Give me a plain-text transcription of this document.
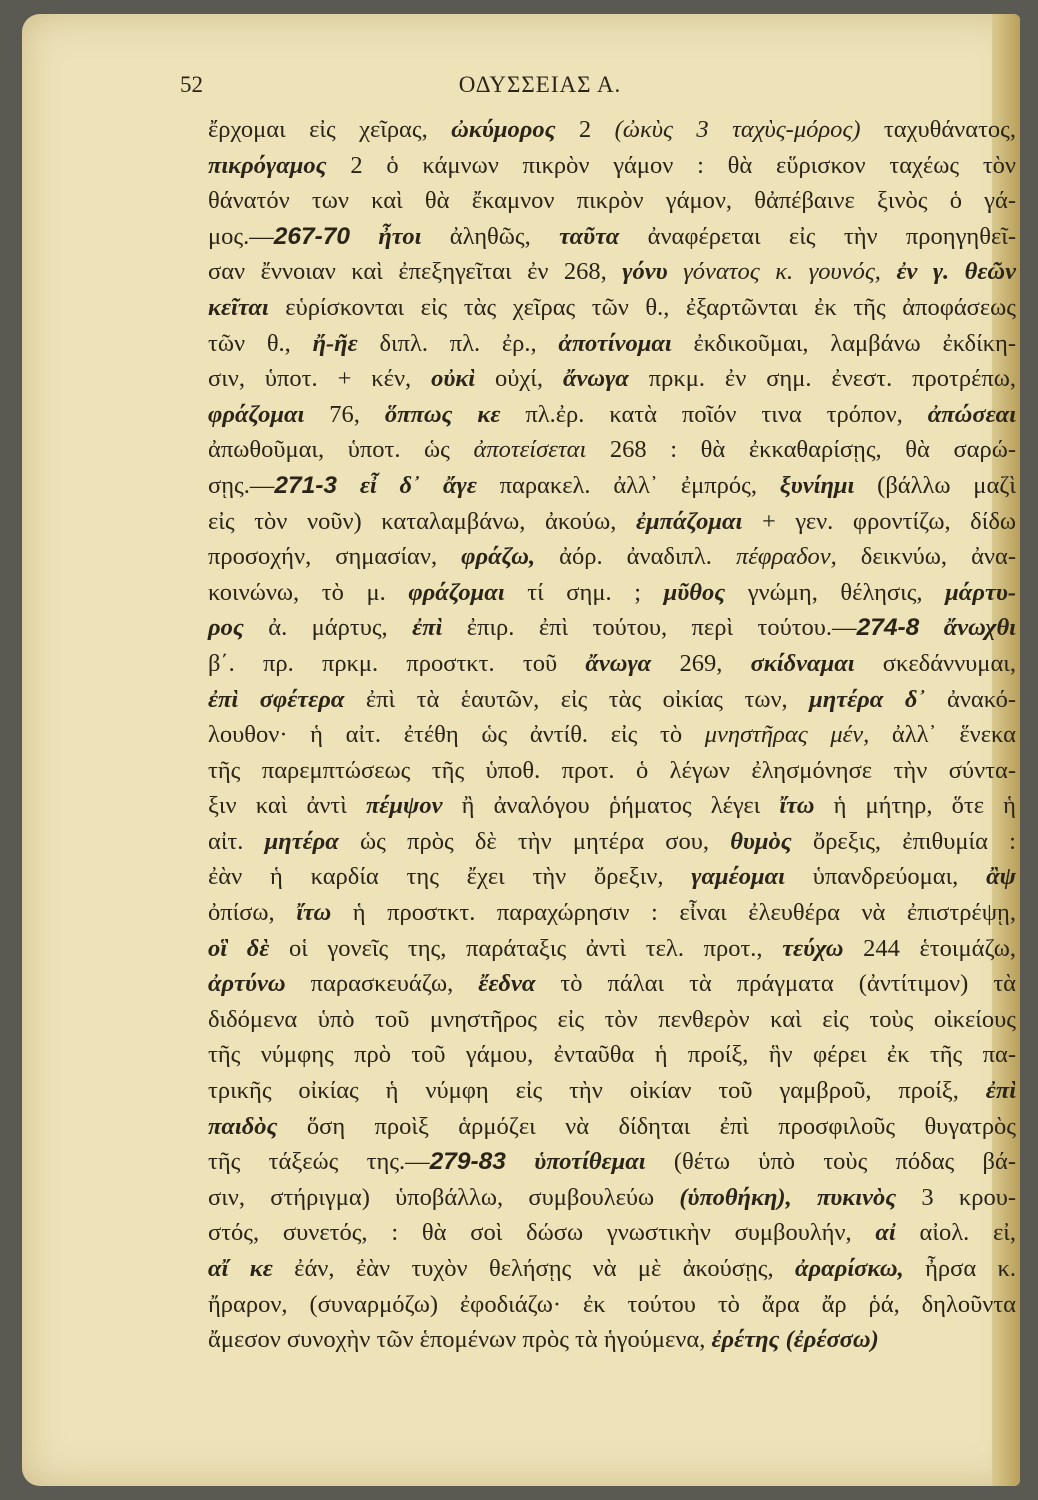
52	ΟΔΥΣΣΕΙΑΣ Α.
ἔρχομαι εἰς χεῖρας, ὠκύμορος 2 (ὠκὺς 3 ταχὺς-μόρος) ταχυθάνατος,
πικρόγαμος 2 ὁ κάμνων πικρὸν γάμον : θὰ εὕρισκον ταχέως τὸν
θάνατόν των καὶ θὰ ἔκαμνον πικρὸν γάμον, θἀπέβαινε ξινὸς ὁ γά-
μος.—267-70 ἦτοι ἀληθῶς, ταῦτα ἀναφέρεται εἰς τὴν προηγηθεῖ-
σαν ἔννοιαν καὶ ἐπεξηγεῖται ἐν 268, γόνυ γόνατος κ. γουνός, ἐν γ. θεῶν
κεῖται εὑρίσκονται εἰς τὰς χεῖρας τῶν θ., ἐξαρτῶνται ἐκ τῆς ἀποφάσεως
τῶν θ., ἤ-ῆε διπλ. πλ. ἐρ., ἀποτίνομαι ἐκδικοῦμαι, λαμβάνω ἐκδίκη-
σιν, ὑποτ. + κέν, οὐκὶ οὐχί, ἄνωγα πρκμ. ἐν σημ. ἐνεστ. προτρέπω,
φράζομαι 76, ὅππως κε πλ.ἐρ. κατὰ ποῖόν τινα τρόπον, ἀπώσεαι
ἀπωθοῦμαι, ὑποτ. ὡς ἀποτείσεται 268 : θὰ ἐκκαθαρίσῃς, θὰ σαρώ-
σῃς.—271-3 εἶ δ᾽ ἄγε παρακελ. ἀλλ᾽ ἐμπρός, ξυνίημι (βάλλω μαζὶ
εἰς τὸν νοῦν) καταλαμβάνω, ἀκούω, ἐμπάζομαι + γεν. φροντίζω, δίδω
προσοχήν, σημασίαν, φράζω, ἀόρ. ἀναδιπλ. πέφραδον, δεικνύω, ἀνα-
κοινώνω, τὸ μ. φράζομαι τί σημ. ; μῦθος γνώμη, θέλησις, μάρτυ-
ρος ἀ. μάρτυς, ἐπὶ ἐπιρ. ἐπὶ τούτου, περὶ τούτου.—274-8 ἄνωχθι
β΄. πρ. πρκμ. προστκτ. τοῦ ἄνωγα 269, σκίδναμαι σκεδάννυμαι,
ἐπὶ σφέτερα ἐπὶ τὰ ἑαυτῶν, εἰς τὰς οἰκίας των, μητέρα δ᾽ ἀνακό-
λουθον· ἡ αἰτ. ἐτέθη ὡς ἀντίθ. εἰς τὸ μνηστῆρας μέν, ἀλλ᾽ ἕνεκα
τῆς παρεμπτώσεως τῆς ὑποθ. προτ. ὁ λέγων ἐλησμόνησε τὴν σύντα-
ξιν καὶ ἀντὶ πέμψον ἢ ἀναλόγου ῥήματος λέγει ἴτω ἡ μήτηρ, ὅτε ἡ
αἰτ. μητέρα ὡς πρὸς δὲ τὴν μητέρα σου, θυμὸς ὄρεξις, ἐπιθυμία :
ἐὰν ἡ καρδία της ἔχει τὴν ὄρεξιν, γαμέομαι ὑπανδρεύομαι, ἂψ
ὀπίσω, ἴτω ἡ προστκτ. παραχώρησιν : εἶναι ἐλευθέρα νὰ ἐπιστρέψῃ,
οἳ δὲ οἱ γονεῖς της, παράταξις ἀντὶ τελ. προτ., τεύχω 244 ἑτοιμάζω,
ἀρτύνω παρασκευάζω, ἔεδνα τὸ πάλαι τὰ πράγματα (ἀντίτιμον) τὰ
διδόμενα ὑπὸ τοῦ μνηστῆρος εἰς τὸν πενθερὸν καὶ εἰς τοὺς οἰκείους
τῆς νύμφης πρὸ τοῦ γάμου, ἐνταῦθα ἡ προίξ, ἣν φέρει ἐκ τῆς πα-
τρικῆς οἰκίας ἡ νύμφη εἰς τὴν οἰκίαν τοῦ γαμβροῦ, προίξ, ἐπὶ
παιδὸς ὅση προὶξ ἁρμόζει νὰ δίδηται ἐπὶ προσφιλοῦς θυγατρὸς
τῆς τάξεώς της.—279-83 ὑποτίθεμαι (θέτω ὑπὸ τοὺς πόδας βά-
σιν, στήριγμα) ὑποβάλλω, συμβουλεύω (ὑποθήκη), πυκινὸς 3 κρου-
στός, συνετός, : θὰ σοὶ δώσω γνωστικὴν συμβουλήν, αἰ αἰολ. εἰ,
αἴ κε ἐάν, ἐὰν τυχὸν θελήσῃς νὰ μὲ ἀκούσῃς, ἀραρίσκω, ἦρσα κ.
ἤραρον, (συναρμόζω) ἐφοδιάζω· ἐκ τούτου τὸ ἄρα ἄρ ῥά, δηλοῦντα
ἄμεσον συνοχὴν τῶν ἑπομένων πρὸς τὰ ἡγούμενα, ἐρέτης (ἐρέσσω)
